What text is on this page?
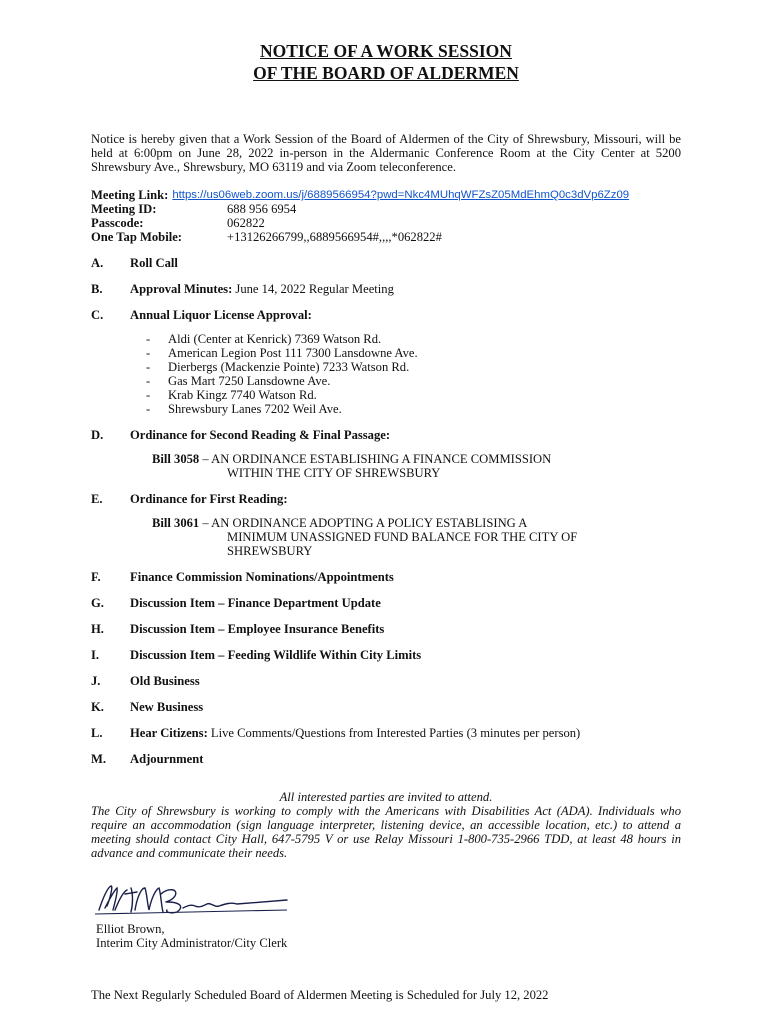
NOTICE OF A WORK SESSION

OF THE BOARD OF ALDERMEN

Notice is hereby given that a Work Session of the Board of Aldermen of the City of Shrewsbury, Missouri, will be held at 6:00pm on June 28, 2022 in-person in the Aldermanic Conference Room at the City Center at 5200 Shrewsbury Ave., Shrewsbury, MO 63119 and via Zoom teleconference.
Meeting Link: https://us06web.zoom.us/j/6889566954?pwd=Nkc4MUhqWFZsZ05MdEhmQ0c3dVp6Zz09
Meeting ID:	688 956 6954
Passcode:	062822
One Tap Mobile:	+13126266799,,6889566954#,,,,*062822#
A.	Roll Call
B.	Approval Minutes: June 14, 2022 Regular Meeting
C.	Annual Liquor License Approval:
-	Aldi (Center at Kenrick) 7369 Watson Rd.
-	American Legion Post 111 7300 Lansdowne Ave.
-	Dierbergs (Mackenzie Pointe) 7233 Watson Rd.
-	Gas Mart 7250 Lansdowne Ave.
-	Krab Kingz 7740 Watson Rd.
-	Shrewsbury Lanes 7202 Weil Ave.
D.	Ordinance for Second Reading & Final Passage:
Bill 3058 – AN ORDINANCE ESTABLISHING A FINANCE COMMISSION
WITHIN THE CITY OF SHREWSBURY
E.	Ordinance for First Reading:
Bill 3061 – AN ORDINANCE ADOPTING A POLICY ESTABLISING A
MINIMUM UNASSIGNED FUND BALANCE FOR THE CITY OF
SHREWSBURY
F.	Finance Commission Nominations/Appointments
G.	Discussion Item – Finance Department Update
H.	Discussion Item – Employee Insurance Benefits
I.	Discussion Item – Feeding Wildlife Within City Limits
J.	Old Business
K.	New Business
L.	Hear Citizens: Live Comments/Questions from Interested Parties (3 minutes per person)
M.	Adjournment
All interested parties are invited to attend.
The City of Shrewsbury is working to comply with the Americans with Disabilities Act (ADA). Individuals who require an accommodation (sign language interpreter, listening device, an accessible location, etc.) to attend a meeting should contact City Hall, 647-5795 V or use Relay Missouri 1-800-735-2966 TDD, at least 48 hours in advance and communicate their needs.
Elliot Brown,
Interim City Administrator/City Clerk
The Next Regularly Scheduled Board of Aldermen Meeting is Scheduled for July 12, 2022
